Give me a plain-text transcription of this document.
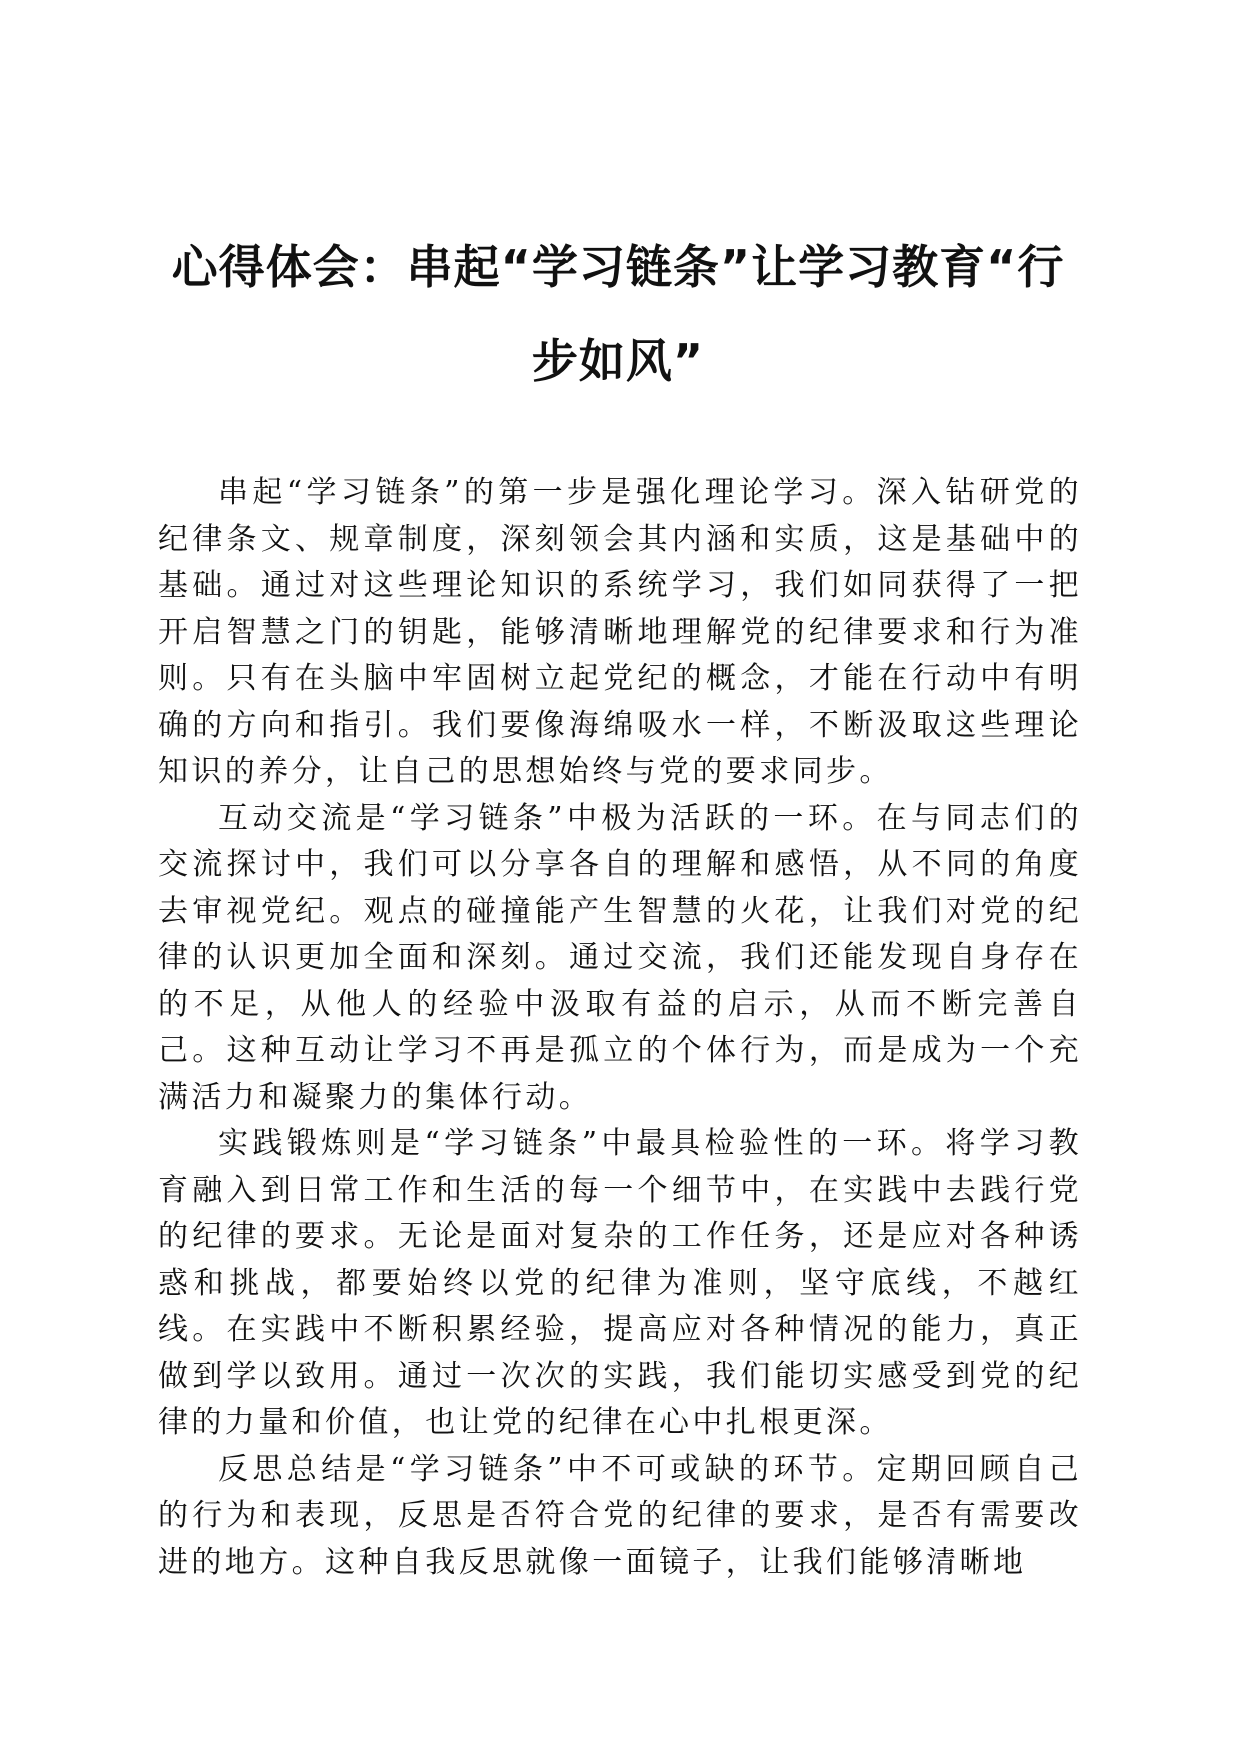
心得体会：串起“学习链条”让学习教育“行步如风”

串起“学习链条”的第一步是强化理论学习。深入钻研党的纪律条文、规章制度，深刻领会其内涵和实质，这是基础中的基础。通过对这些理论知识的系统学习，我们如同获得了一把开启智慧之门的钥匙，能够清晰地理解党的纪律要求和行为准则。只有在头脑中牢固树立起党纪的概念，才能在行动中有明确的方向和指引。我们要像海绵吸水一样，不断汲取这些理论知识的养分，让自己的思想始终与党的要求同步。

互动交流是“学习链条”中极为活跃的一环。在与同志们的交流探讨中，我们可以分享各自的理解和感悟，从不同的角度去审视党纪。观点的碰撞能产生智慧的火花，让我们对党的纪律的认识更加全面和深刻。通过交流，我们还能发现自身存在的不足，从他人的经验中汲取有益的启示，从而不断完善自己。这种互动让学习不再是孤立的个体行为，而是成为一个充满活力和凝聚力的集体行动。

实践锻炼则是“学习链条”中最具检验性的一环。将学习教育融入到日常工作和生活的每一个细节中，在实践中去践行党的纪律的要求。无论是面对复杂的工作任务，还是应对各种诱惑和挑战，都要始终以党的纪律为准则，坚守底线，不越红线。在实践中不断积累经验，提高应对各种情况的能力，真正做到学以致用。通过一次次的实践，我们能切实感受到党的纪律的力量和价值，也让党的纪律在心中扎根更深。

反思总结是“学习链条”中不可或缺的环节。定期回顾自己的行为和表现，反思是否符合党的纪律的要求，是否有需要改进的地方。这种自我反思就像一面镜子，让我们能够清晰地
